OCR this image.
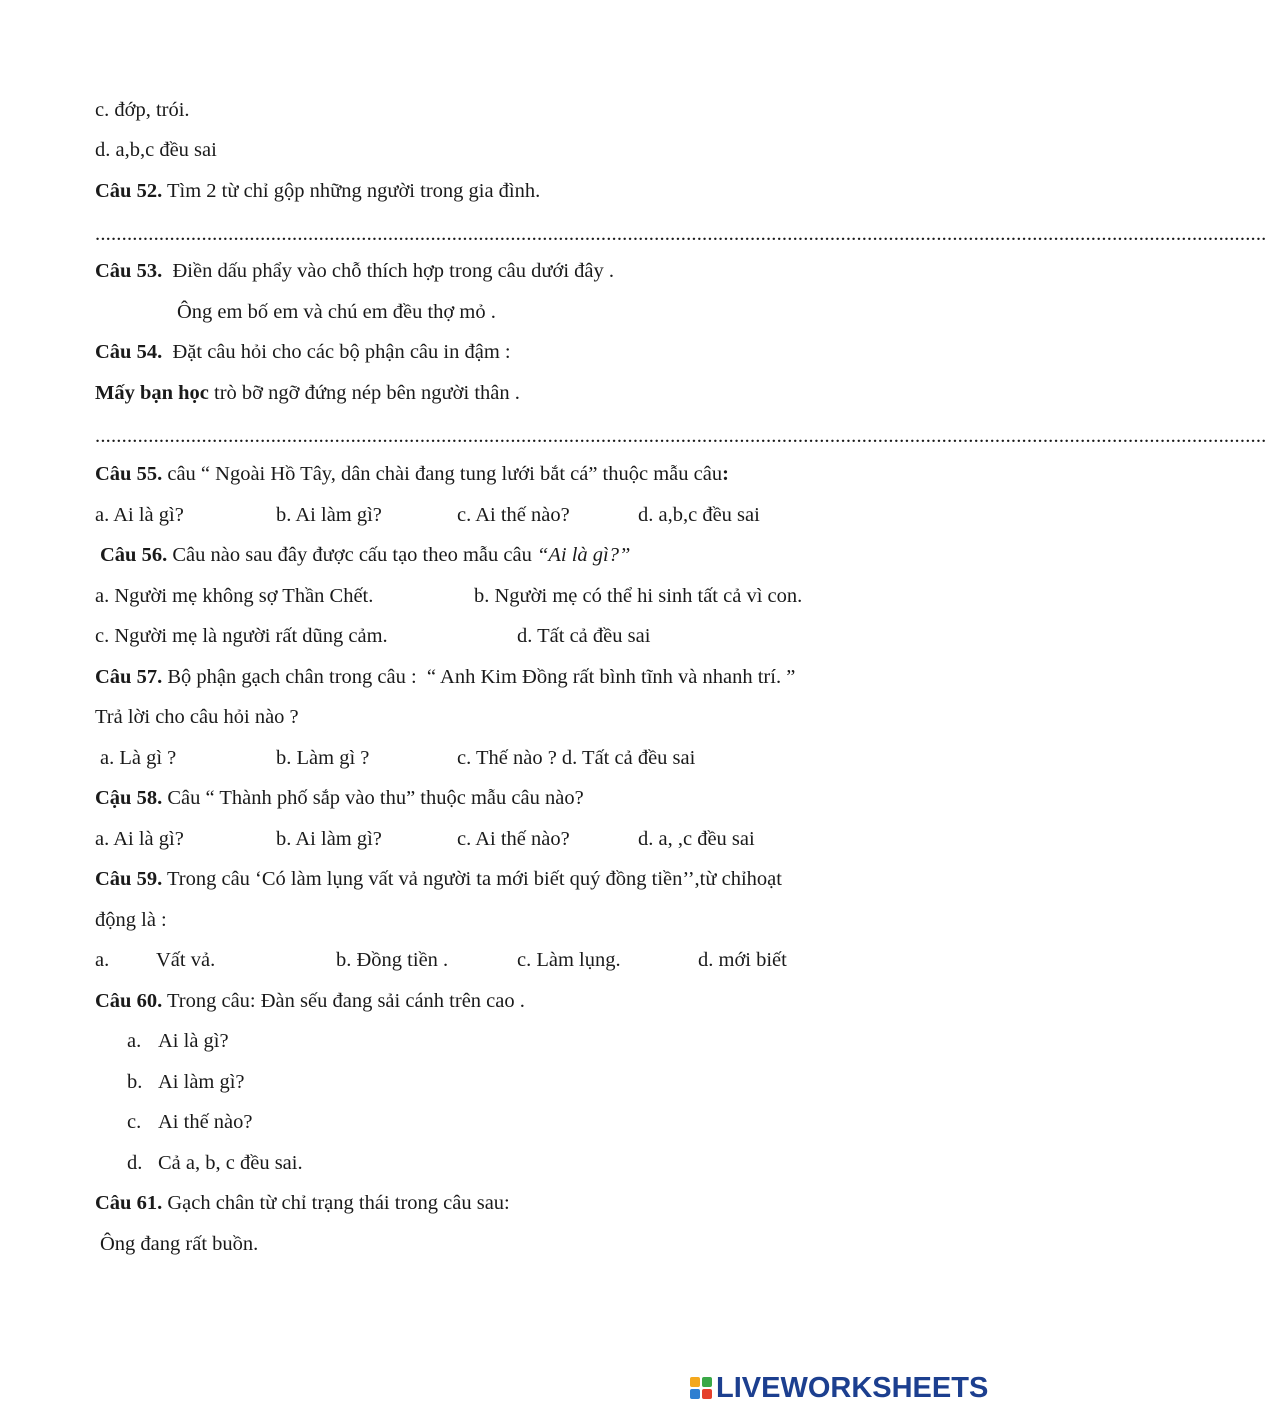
c. đớp, trói.
d. a,b,c đều sai
Câu 52. Tìm 2 từ chỉ gộp những người trong gia đình.
............................................................................................................................................................................................................................
Câu 53.  Điền dấu phẩy vào chỗ thích hợp trong câu dưới đây .
Ông em bố em và chú em đều thợ mỏ .
Câu 54.  Đặt câu hỏi cho các bộ phận câu in đậm :
Mấy bạn học trò bỡ ngỡ đứng nép bên người thân .
............................................................................................................................................................................................................................
Câu 55. câu “ Ngoài Hồ Tây, dân chài đang tung lưới bắt cá” thuộc mẫu câu:
a. Ai là gì?	b. Ai làm gì?	c. Ai thế nào?	d. a,b,c đều sai
Câu 56. Câu nào sau đây được cấu tạo theo mẫu câu “Ai là gì?”
a. Người mẹ không sợ Thần Chết.	b. Người mẹ có thể hi sinh tất cả vì con.
c. Người mẹ là người rất dũng cảm.	d. Tất cả đều sai
Câu 57. Bộ phận gạch chân trong câu :  “ Anh Kim Đồng rất bình tĩnh và nhanh trí. ”
Trả lời cho câu hỏi nào ?
a. Là gì ?	b. Làm gì ?	c. Thế nào ? d. Tất cả đều sai
Cậu 58. Câu “ Thành phố sắp vào thu” thuộc mẫu câu nào?
a. Ai là gì?	b. Ai làm gì?	c. Ai thế nào?	d. a, ,c đều sai
Câu 59. Trong câu ‘Có làm lụng vất vả người ta mới biết quý đồng tiền’’,từ chỉhoạt
động là :
a. Vất vả.	b. Đồng tiền .	c. Làm lụng.	d. mới biết
Câu 60. Trong câu: Đàn sếu đang sải cánh trên cao .
a. Ai là gì?
b. Ai làm gì?
c. Ai thế nào?
d. Cả a, b, c đều sai.
Câu 61. Gạch chân từ chỉ trạng thái trong câu sau:
Ông đang rất buồn.
LIVEWORKSHEETS
